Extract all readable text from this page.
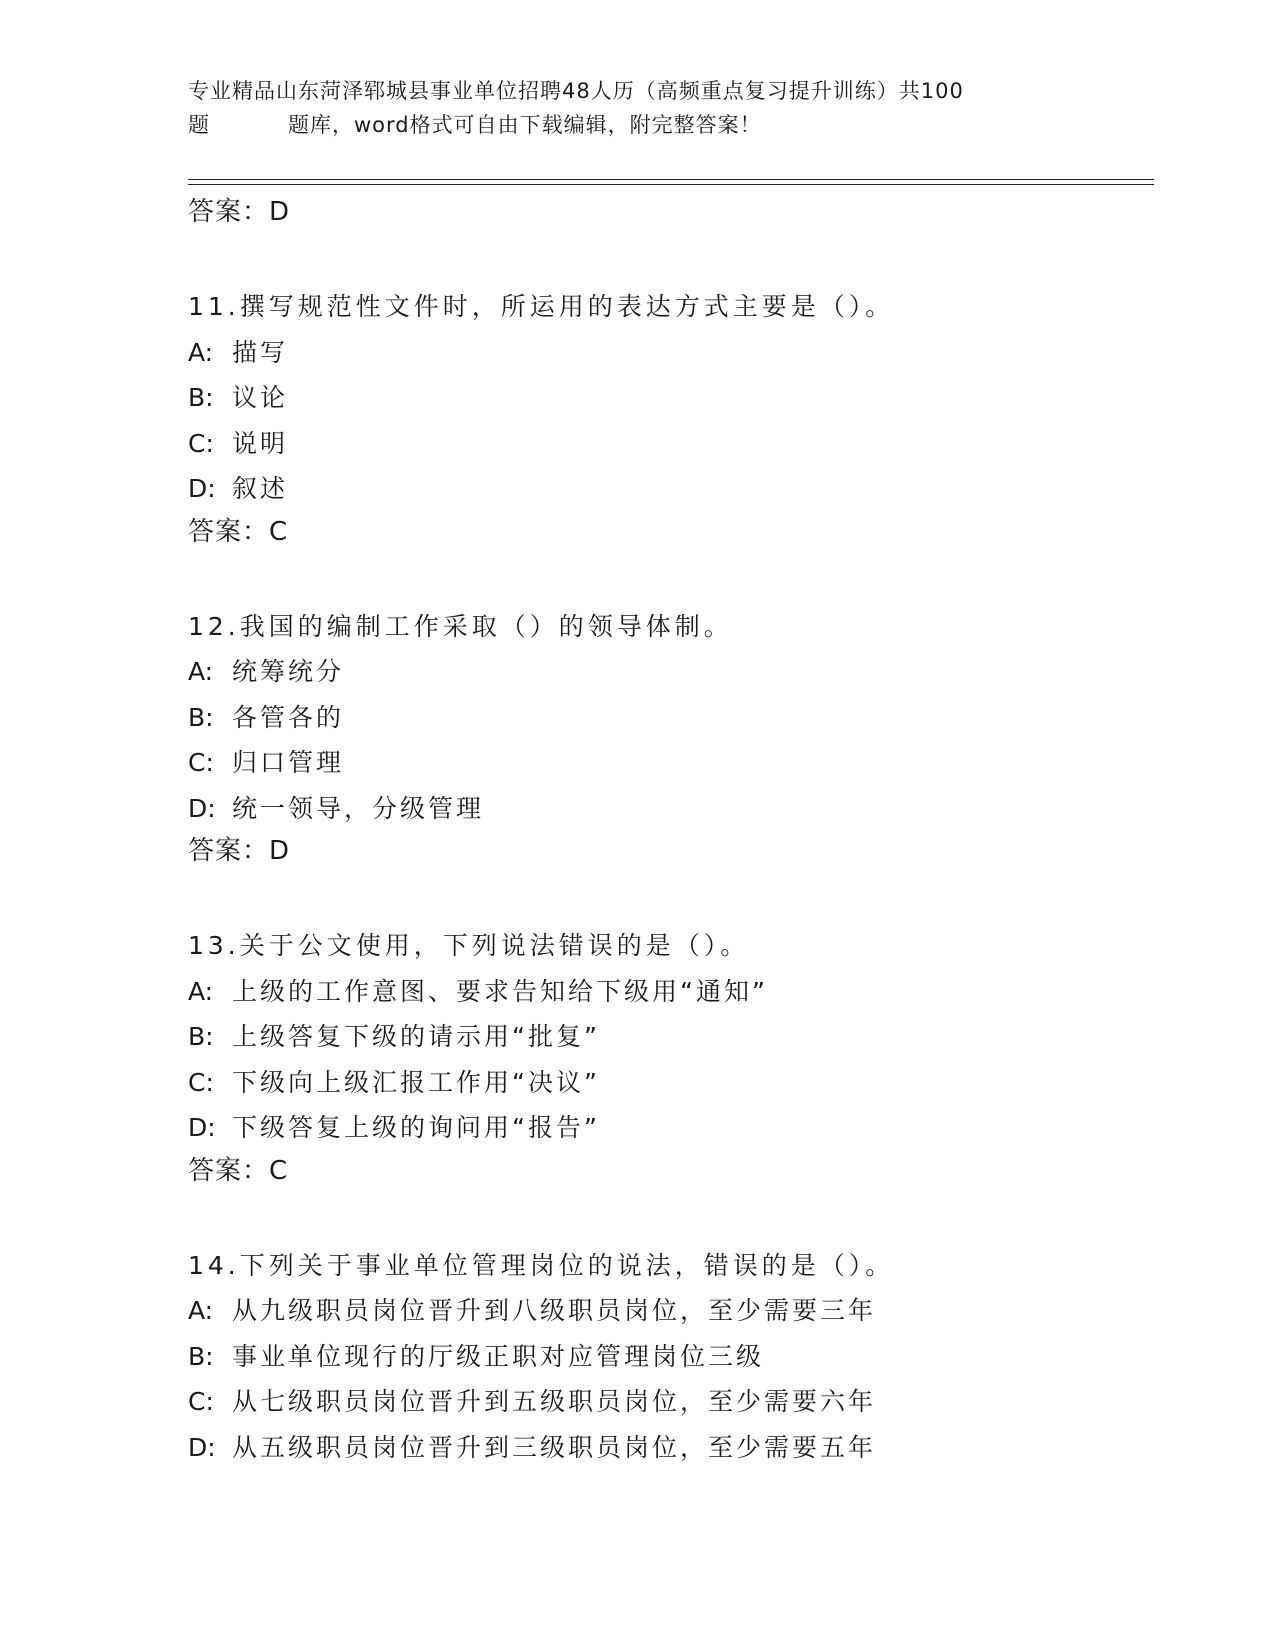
专业精品山东菏泽郓城县事业单位招聘48人历（高频重点复习提升训练）共100
题	题库，word格式可自由下载编辑，附完整答案！
答案：D
11.撰写规范性文件时，所运用的表达方式主要是（）。
A: 描写
B: 议论
C: 说明
D: 叙述
答案：C
12.我国的编制工作采取（）的领导体制。
A: 统筹统分
B: 各管各的
C: 归口管理
D: 统一领导，分级管理
答案：D
13.关于公文使用，下列说法错误的是（）。
A: 上级的工作意图、要求告知给下级用“通知”
B: 上级答复下级的请示用“批复”
C: 下级向上级汇报工作用“决议”
D: 下级答复上级的询问用“报告”
答案：C
14.下列关于事业单位管理岗位的说法，错误的是（）。
A: 从九级职员岗位晋升到八级职员岗位，至少需要三年
B: 事业单位现行的厅级正职对应管理岗位三级
C: 从七级职员岗位晋升到五级职员岗位，至少需要六年
D: 从五级职员岗位晋升到三级职员岗位，至少需要五年
